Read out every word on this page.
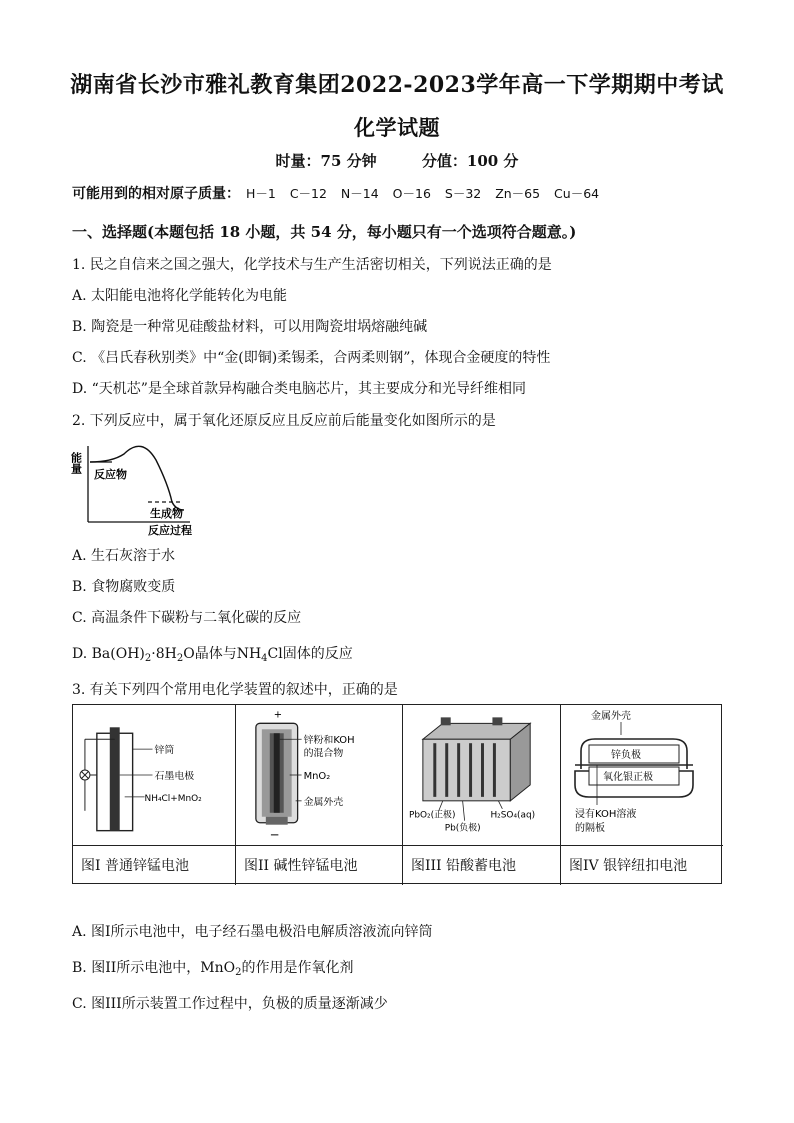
湖南省长沙市雅礼教育集团2022-2023学年高一下学期期中考试
化学试题
时量：75 分钟	分值：100 分
可能用到的相对原子质量： H－1 C－12 N－14 O－16 S－32 Zn－65 Cu－64
一、选择题(本题包括 18 小题，共 54 分，每小题只有一个选项符合题意。)
1. 民之自信来之国之强大，化学技术与生产生活密切相关，下列说法正确的是
A. 太阳能电池将化学能转化为电能
B. 陶瓷是一种常见硅酸盐材料，可以用陶瓷坩埚熔融纯碱
C. 《吕氏春秋别类》中“金(即铜)柔锡柔，合两柔则钢”，体现合金硬度的特性
D. “天机芯”是全球首款异构融合类电脑芯片，其主要成分和光导纤维相同
2. 下列反应中，属于氧化还原反应且反应前后能量变化如图所示的是
能量
反应物
生成物
反应过程
A. 生石灰溶于水
B. 食物腐败变质
C. 高温条件下碳粉与二氧化碳的反应
D. $Ba(OH)_2\cdot 8H_2O$晶体与$NH_4Cl$固体的反应
3. 有关下列四个常用电化学装置的叙述中，正确的是
锌筒
石墨电极
NH₄Cl+MnO₂
图I 普通锌锰电池
+
−
锌粉和KOH
的混合物
MnO₂
金属外壳
图II 碱性锌锰电池
PbO₂(正极)
Pb(负极)
H₂SO₄(aq)
图III 铅酸蓄电池
金属外壳
锌负极
氧化银正极
浸有KOH溶液
的隔板
图IV 银锌纽扣电池
A. 图I所示电池中，电子经石墨电极沿电解质溶液流向锌筒
B. 图II所示电池中，MnO$_2$的作用是作氧化剂
C. 图III所示装置工作过程中，负极的质量逐渐减少
